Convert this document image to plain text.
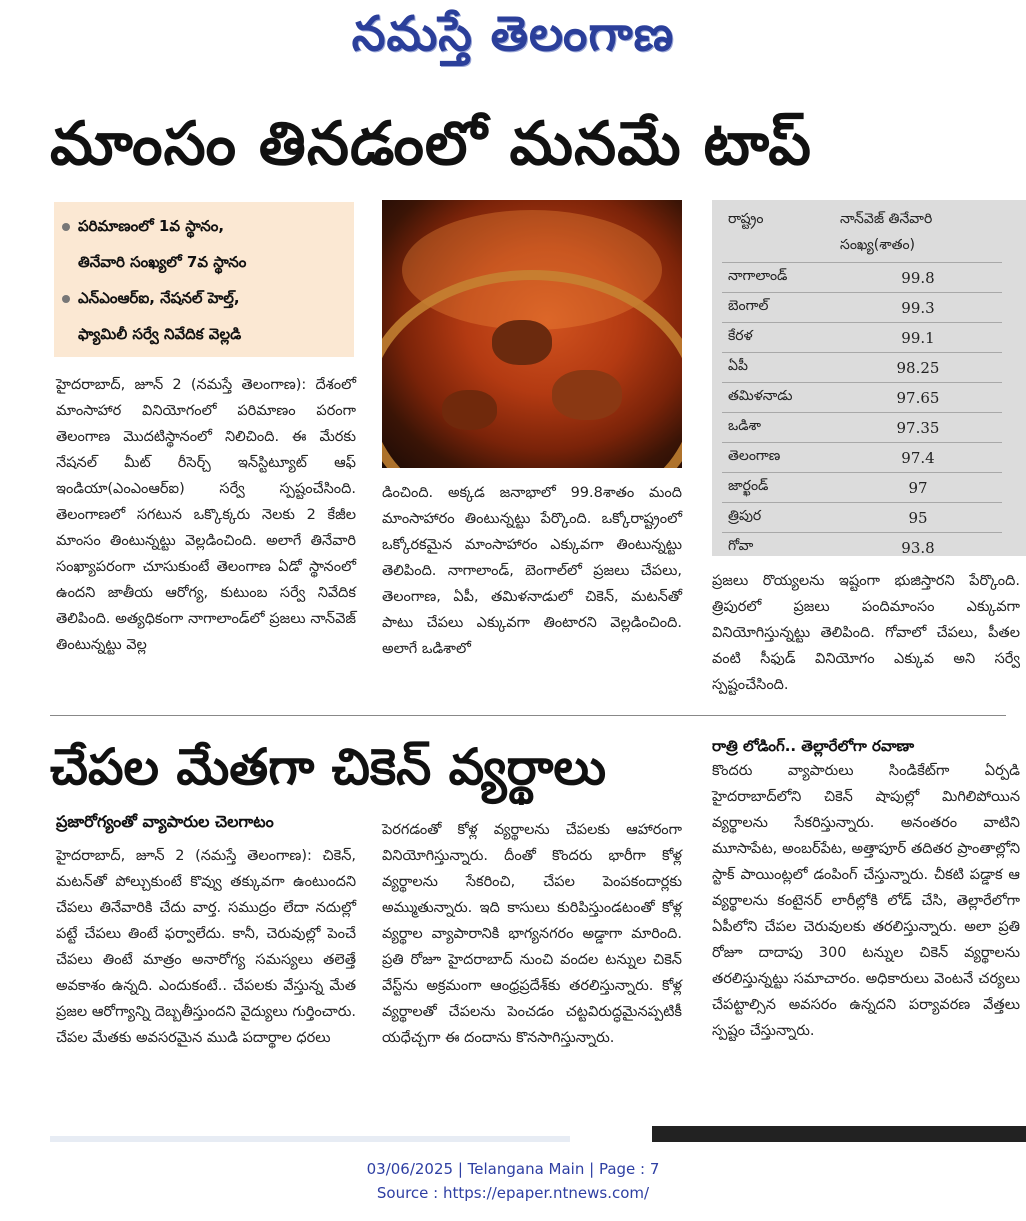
నమస్తే తెలంగాణ
మాంసం తినడంలో మనమే టాప్
పరిమాణంలో 1వ స్థానం,
తినేవారి సంఖ్యలో 7వ స్థానం
ఎన్‌ఎంఆర్‌ఐ, నేషనల్ హెల్త్,
ఫ్యామిలీ సర్వే నివేదిక వెల్లడి
రాష్ట్రం	నాన్‌వెజ్ తినేవారి సంఖ్య(శాతం)
నాగాలాండ్	99.8
బెంగాల్	99.3
కేరళ	99.1
ఏపీ	98.25
తమిళనాడు	97.65
ఒడిశా	97.35
తెలంగాణ	97.4
జార్ఖండ్	97
త్రిపుర	95
గోవా	93.8
హైదరాబాద్, జూన్ 2 (నమస్తే తెలంగాణ): దేశంలో మాంసాహార వినియోగంలో పరిమాణం పరంగా తెలంగాణ మొదటిస్థానంలో నిలిచింది. ఈ మేరకు నేషనల్ మీట్ రీసెర్చ్ ఇన్‌స్టిట్యూట్ ఆఫ్ ఇండియా(ఎంఎంఆర్‌ఐ) సర్వే స్పష్టంచేసింది. తెలంగాణలో సగటున ఒక్కొక్కరు నెలకు 2 కేజీల మాంసం తింటున్నట్టు వెల్లడించింది. అలాగే తినేవారి సంఖ్యాపరంగా చూసుకుంటే తెలంగాణ ఏడో స్థానంలో ఉందని జాతీయ ఆరోగ్య, కుటుంబ సర్వే నివేదిక తెలిపింది. అత్యధికంగా నాగాలాండ్‌లో ప్రజలు నాన్‌వెజ్ తింటున్నట్టు వెల్ల
డించింది. అక్కడ జనాభాలో 99.8శాతం మంది మాంసాహారం తింటున్నట్టు పేర్కొంది. ఒక్కోరాష్ట్రంలో ఒక్కోరకమైన మాంసాహారం ఎక్కువగా తింటున్నట్టు తెలిపింది. నాగాలాండ్, బెంగాల్‌లో ప్రజలు చేపలు, తెలంగాణ, ఏపీ, తమిళనాడులో చికెన్, మటన్‌తో పాటు చేపలు ఎక్కువగా తింటారని వెల్లడించింది. అలాగే ఒడిశాలో
ప్రజలు రొయ్యలను ఇష్టంగా భుజిస్తారని పేర్కొంది. త్రిపురలో ప్రజలు పందిమాంసం ఎక్కువగా వినియోగిస్తున్నట్టు తెలిపింది. గోవాలో చేపలు, పీతల వంటి సీఫుడ్ వినియోగం ఎక్కువ అని సర్వే స్పష్టంచేసింది.
చేపల మేతగా చికెన్ వ్యర్థాలు
ప్రజారోగ్యంతో వ్యాపారుల చెలగాటం
రాత్రి లోడింగ్.. తెల్లారేలోగా రవాణా
హైదరాబాద్, జూన్ 2 (నమస్తే తెలంగాణ): చికెన్, మటన్‌తో పోల్చుకుంటే కొవ్వు తక్కువగా ఉంటుందని చేపలు తినేవారికి చేదు వార్త. సముద్రం లేదా నదుల్లో పట్టే చేపలు తింటే ఫర్వాలేదు. కానీ, చెరువుల్లో పెంచే చేపలు తింటే మాత్రం అనారోగ్య సమస్యలు తలెత్తే అవకాశం ఉన్నది. ఎందుకంటే.. చేపలకు వేస్తున్న మేత ప్రజల ఆరోగ్యాన్ని దెబ్బతీస్తుందని వైద్యులు గుర్తించారు. చేపల మేతకు అవసరమైన ముడి పదార్థాల ధరలు
పెరగడంతో కోళ్ల వ్యర్థాలను చేపలకు ఆహారంగా వినియోగిస్తున్నారు. దీంతో కొందరు భారీగా కోళ్ల వ్యర్థాలను సేకరించి, చేపల పెంపకందార్లకు అమ్ముతున్నారు. ఇది కాసులు కురిపిస్తుండటంతో కోళ్ల వ్యర్థాల వ్యాపారానికి భాగ్యనగరం అడ్డాగా మారింది. ప్రతి రోజూ హైదరాబాద్ నుంచి వందల టన్నుల చికెన్ వేస్ట్‌ను అక్రమంగా ఆంధ్రప్రదేశ్‌కు తరలిస్తున్నారు. కోళ్ల వ్యర్థాలతో చేపలను పెంచడం చట్టవిరుద్ధమైనప్పటికీ యధేచ్చగా ఈ దందాను కొనసాగిస్తున్నారు.
కొందరు వ్యాపారులు సిండికేట్‌గా ఏర్పడి హైదరాబాద్‌లోని చికెన్ షాపుల్లో మిగిలిపోయిన వ్యర్థాలను సేకరిస్తున్నారు. అనంతరం వాటిని మూసాపేట, అంబర్‌పేట, అత్తాపూర్ తదితర ప్రాంతాల్లోని స్టాక్ పాయింట్లలో డంపింగ్ చేస్తున్నారు. చీకటి పడ్డాక ఆ వ్యర్థాలను కంటైనర్ లారీల్లోకి లోడ్ చేసి, తెల్లారేలోగా ఏపీలోని చేపల చెరువులకు తరలిస్తున్నారు. అలా ప్రతి రోజూ దాదాపు 300 టన్నుల చికెన్ వ్యర్థాలను తరలిస్తున్నట్టు సమాచారం. అధికారులు వెంటనే చర్యలు చేపట్టాల్సిన అవసరం ఉన్నదని పర్యావరణ వేత్తలు స్పష్టం చేస్తున్నారు.
03/06/2025 | Telangana Main | Page : 7
Source : https://epaper.ntnews.com/
